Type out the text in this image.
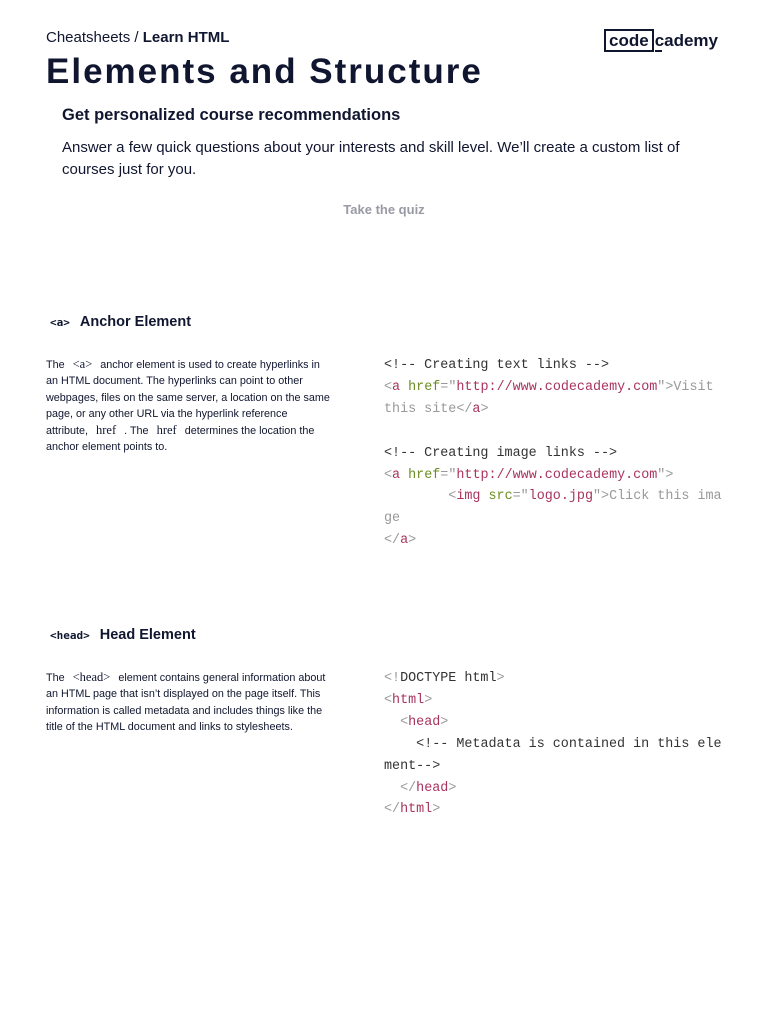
Cheatsheets / Learn HTML	code cademy
Elements and Structure
Get personalized course recommendations

Answer a few quick questions about your interests and skill level. We’ll create a custom list of courses just for you.

Take the quiz
<a> Anchor Element

The <a> anchor element is used to create hyperlinks in an HTML document. The hyperlinks can point to other webpages, files on the same server, a location on the same page, or any other URL via the hyperlink reference attribute, href . The href determines the location the anchor element points to.

<!-- Creating text links -->
<a href="http://www.codecademy.com">Visit this site</a>

<!-- Creating image links -->
<a href="http://www.codecademy.com">
<img src="logo.jpg">Click this image
</a>
<head> Head Element

The <head> element contains general information about an HTML page that isn’t displayed on the page itself. This information is called metadata and includes things like the title of the HTML document and links to stylesheets.

<!DOCTYPE html>
<html>
<head>
<!-- Metadata is contained in this element-->
</head>
</html>
